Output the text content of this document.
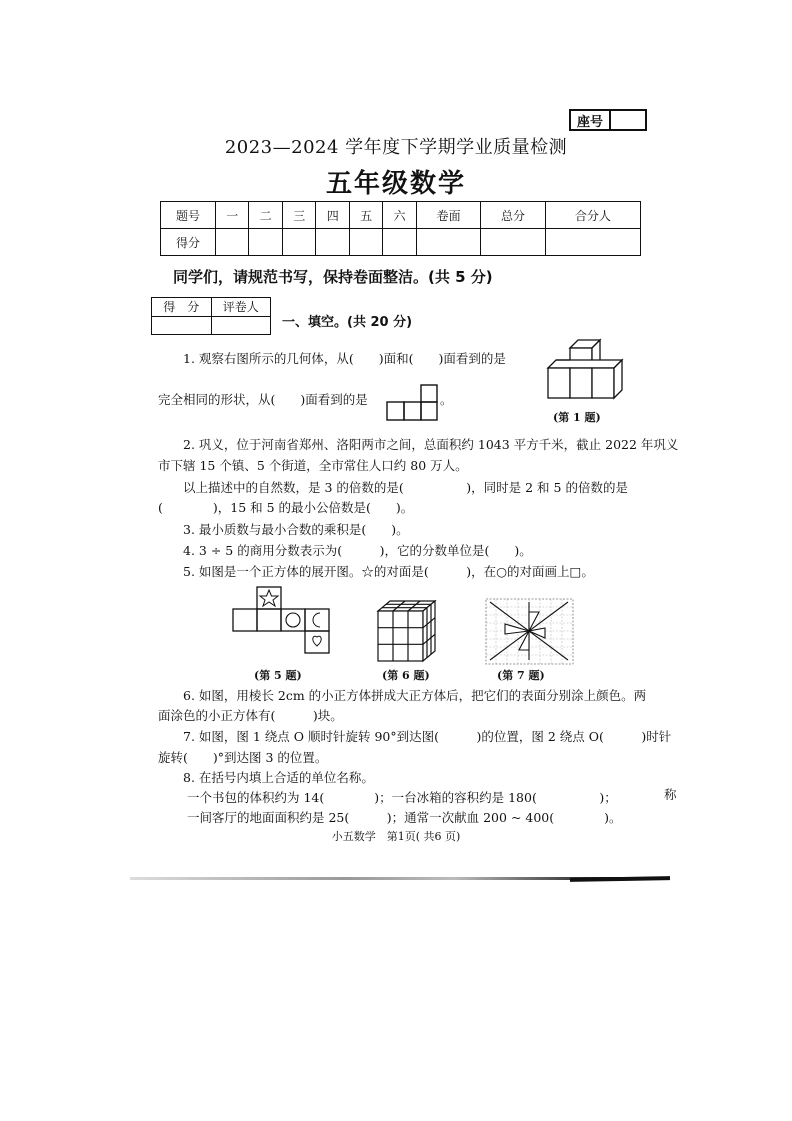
座号
2023—2024 学年度下学期学业质量检测
五年级数学
题号	一	二	三	四	五	六	卷面	总分	合分人
得分									
同学们，请规范书写，保持卷面整洁。(共 5 分)
得　分	评卷人

一、填空。(共 20 分)
1. 观察右图所示的几何体，从(　　)面和(　　)面看到的是
完全相同的形状，从(　　)面看到的是	。
(第 1 题)
2. 巩义，位于河南省郑州、洛阳两市之间，总面积约 1043 平方千米，截止 2022 年巩义
市下辖 15 个镇、5 个街道，全市常住人口约 80 万人。
以上描述中的自然数，是 3 的倍数的是(　　　　　)，同时是 2 和 5 的倍数的是
(　　　　)，15 和 5 的最小公倍数是(　　)。
3. 最小质数与最小合数的乘积是(　　)。
4. 3 ÷ 5 的商用分数表示为(　　　)，它的分数单位是(　　)。
5. 如图是一个正方体的展开图。☆的对面是(　　　)，在○的对面画上□。
(第 5 题)	(第 6 题)	(第 7 题)
6. 如图，用棱长 2cm 的小正方体拼成大正方体后，把它们的表面分别涂上颜色。两
面涂色的小正方体有(　　　)块。
7. 如图，图 1 绕点 O 顺时针旋转 90°到达图(　　　)的位置，图 2 绕点 O(　　　)时针
旋转(　　)°到达图 3 的位置。
8. 在括号内填上合适的单位名称。
一个书包的体积约为 14(　　　　)；一台冰箱的容积约是 180(　　　　　)；	称
一间客厅的地面面积约是 25(　　　)；通常一次献血 200 ~ 400(　　　　)。
小五数学　第1页( 共6 页)
